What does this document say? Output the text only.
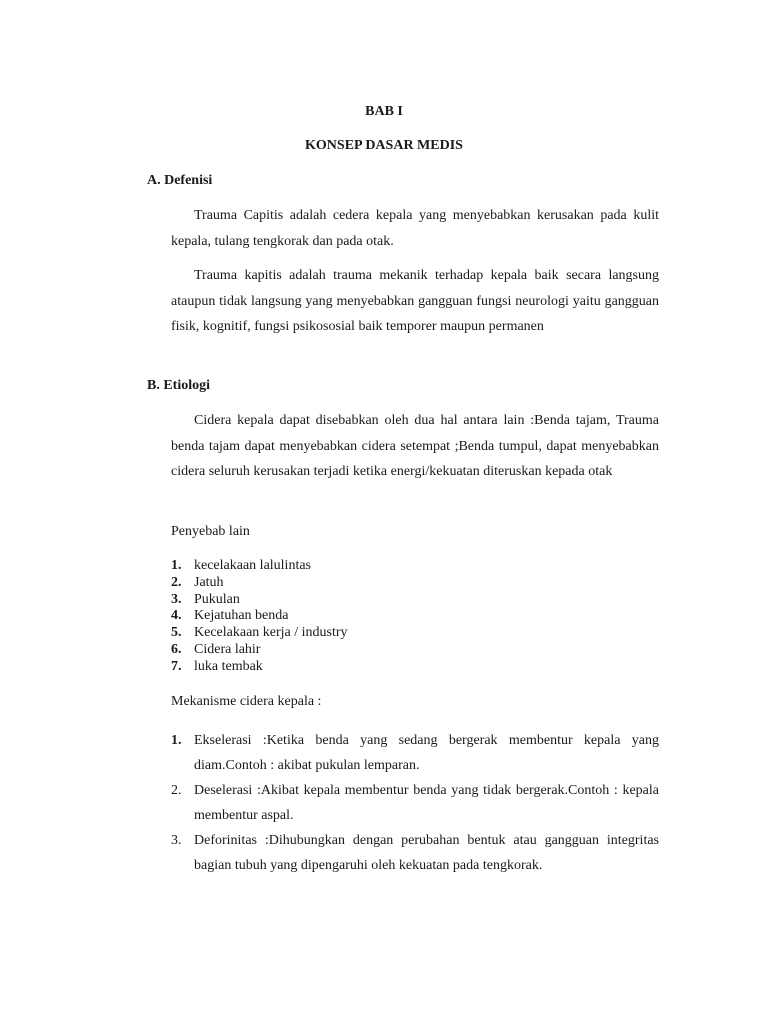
BAB I
KONSEP DASAR MEDIS
A. Defenisi

Trauma Capitis adalah cedera kepala yang menyebabkan kerusakan pada kulit kepala, tulang tengkorak dan pada otak.

Trauma kapitis adalah trauma mekanik terhadap kepala baik secara langsung ataupun tidak langsung yang menyebabkan gangguan fungsi neurologi yaitu gangguan fisik, kognitif, fungsi psikososial baik temporer maupun permanen

B. Etiologi

Cidera kepala dapat disebabkan oleh dua hal antara lain :Benda tajam, Trauma benda tajam dapat menyebabkan cidera setempat ;Benda tumpul, dapat menyebabkan cidera seluruh kerusakan terjadi ketika energi/kekuatan diteruskan kepada otak

Penyebab lain
1. kecelakaan lalulintas
2. Jatuh
3. Pukulan
4. Kejatuhan benda
5. Kecelakaan kerja / industry
6. Cidera lahir
7. luka tembak
Mekanisme cidera kepala :
1. Ekselerasi :Ketika benda yang sedang bergerak membentur kepala yang diam.Contoh : akibat pukulan lemparan.
2. Deselerasi :Akibat kepala membentur benda yang tidak bergerak.Contoh : kepala membentur aspal.
3. Deforinitas :Dihubungkan dengan perubahan bentuk atau gangguan integritas bagian tubuh yang dipengaruhi oleh kekuatan pada tengkorak.
